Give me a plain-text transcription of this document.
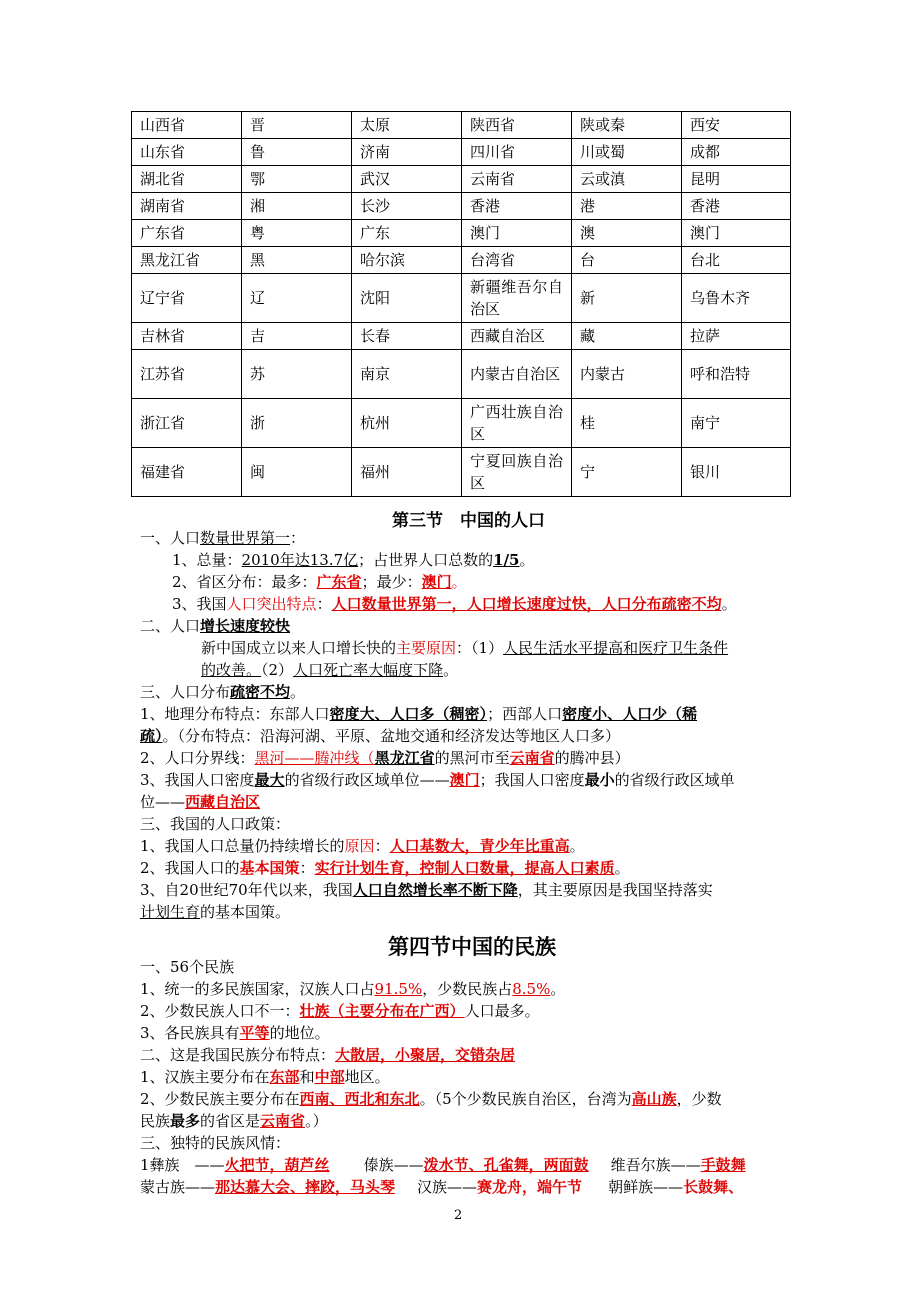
山西省	晋	太原	陕西省	陕或秦	西安
山东省	鲁	济南	四川省	川或蜀	成都
湖北省	鄂	武汉	云南省	云或滇	昆明
湖南省	湘	长沙	香港	港	香港
广东省	粤	广东	澳门	澳	澳门
黑龙江省	黑	哈尔滨	台湾省	台	台北
辽宁省	辽	沈阳	新疆维吾尔自治区	新	乌鲁木齐
吉林省	吉	长春	西藏自治区	藏	拉萨
江苏省	苏	南京	内蒙古自治区	内蒙古	呼和浩特
浙江省	浙	杭州	广西壮族自治区	桂	南宁
福建省	闽	福州	宁夏回族自治区	宁	银川
第三节　中国的人口
一、人口数量世界第一：
1、总量：2010年达13.7亿；占世界人口总数的1/5。
2、省区分布：最多：广东省；最少：澳门。
3、我国人口突出特点：人口数量世界第一，人口增长速度过快，人口分布疏密不均。
二、人口增长速度较快
新中国成立以来人口增长快的主要原因：（1）人民生活水平提高和医疗卫生条件
的改善。（2）人口死亡率大幅度下降。
三、人口分布疏密不均。
1、地理分布特点：东部人口密度大、人口多（稠密）；西部人口密度小、人口少（稀
疏）。（分布特点：沿海河湖、平原、盆地交通和经济发达等地区人口多）
2、人口分界线：黑河——腾冲线（黑龙江省的黑河市至云南省的腾冲县）
3、我国人口密度最大的省级行政区域单位——澳门；我国人口密度最小的省级行政区域单
位——西藏自治区
三、我国的人口政策：
1、我国人口总量仍持续增长的原因：人口基数大，青少年比重高。
2、我国人口的基本国策：实行计划生育，控制人口数量，提高人口素质。
3、自20世纪70年代以来，我国人口自然增长率不断下降，其主要原因是我国坚持落实
计划生育的基本国策。
第四节中国的民族
一、56个民族
1、统一的多民族国家，汉族人口占91.5%，少数民族占8.5%。
2、少数民族人口不一：壮族（主要分布在广西）人口最多。
3、各民族具有平等的地位。
二、这是我国民族分布特点：大散居，小聚居，交错杂居
1、汉族主要分布在东部和中部地区。
2、少数民族主要分布在西南、西北和东北。（5个少数民族自治区，台湾为高山族，少数
民族最多的省区是云南省。）
三、独特的民族风情：
1彝族　——火把节，葫芦丝 傣族——泼水节、孔雀舞，两面鼓 维吾尔族——手鼓舞
蒙古族——那达慕大会、摔跤，马头琴 汉族——赛龙舟，端午节 朝鲜族——长鼓舞、
2
